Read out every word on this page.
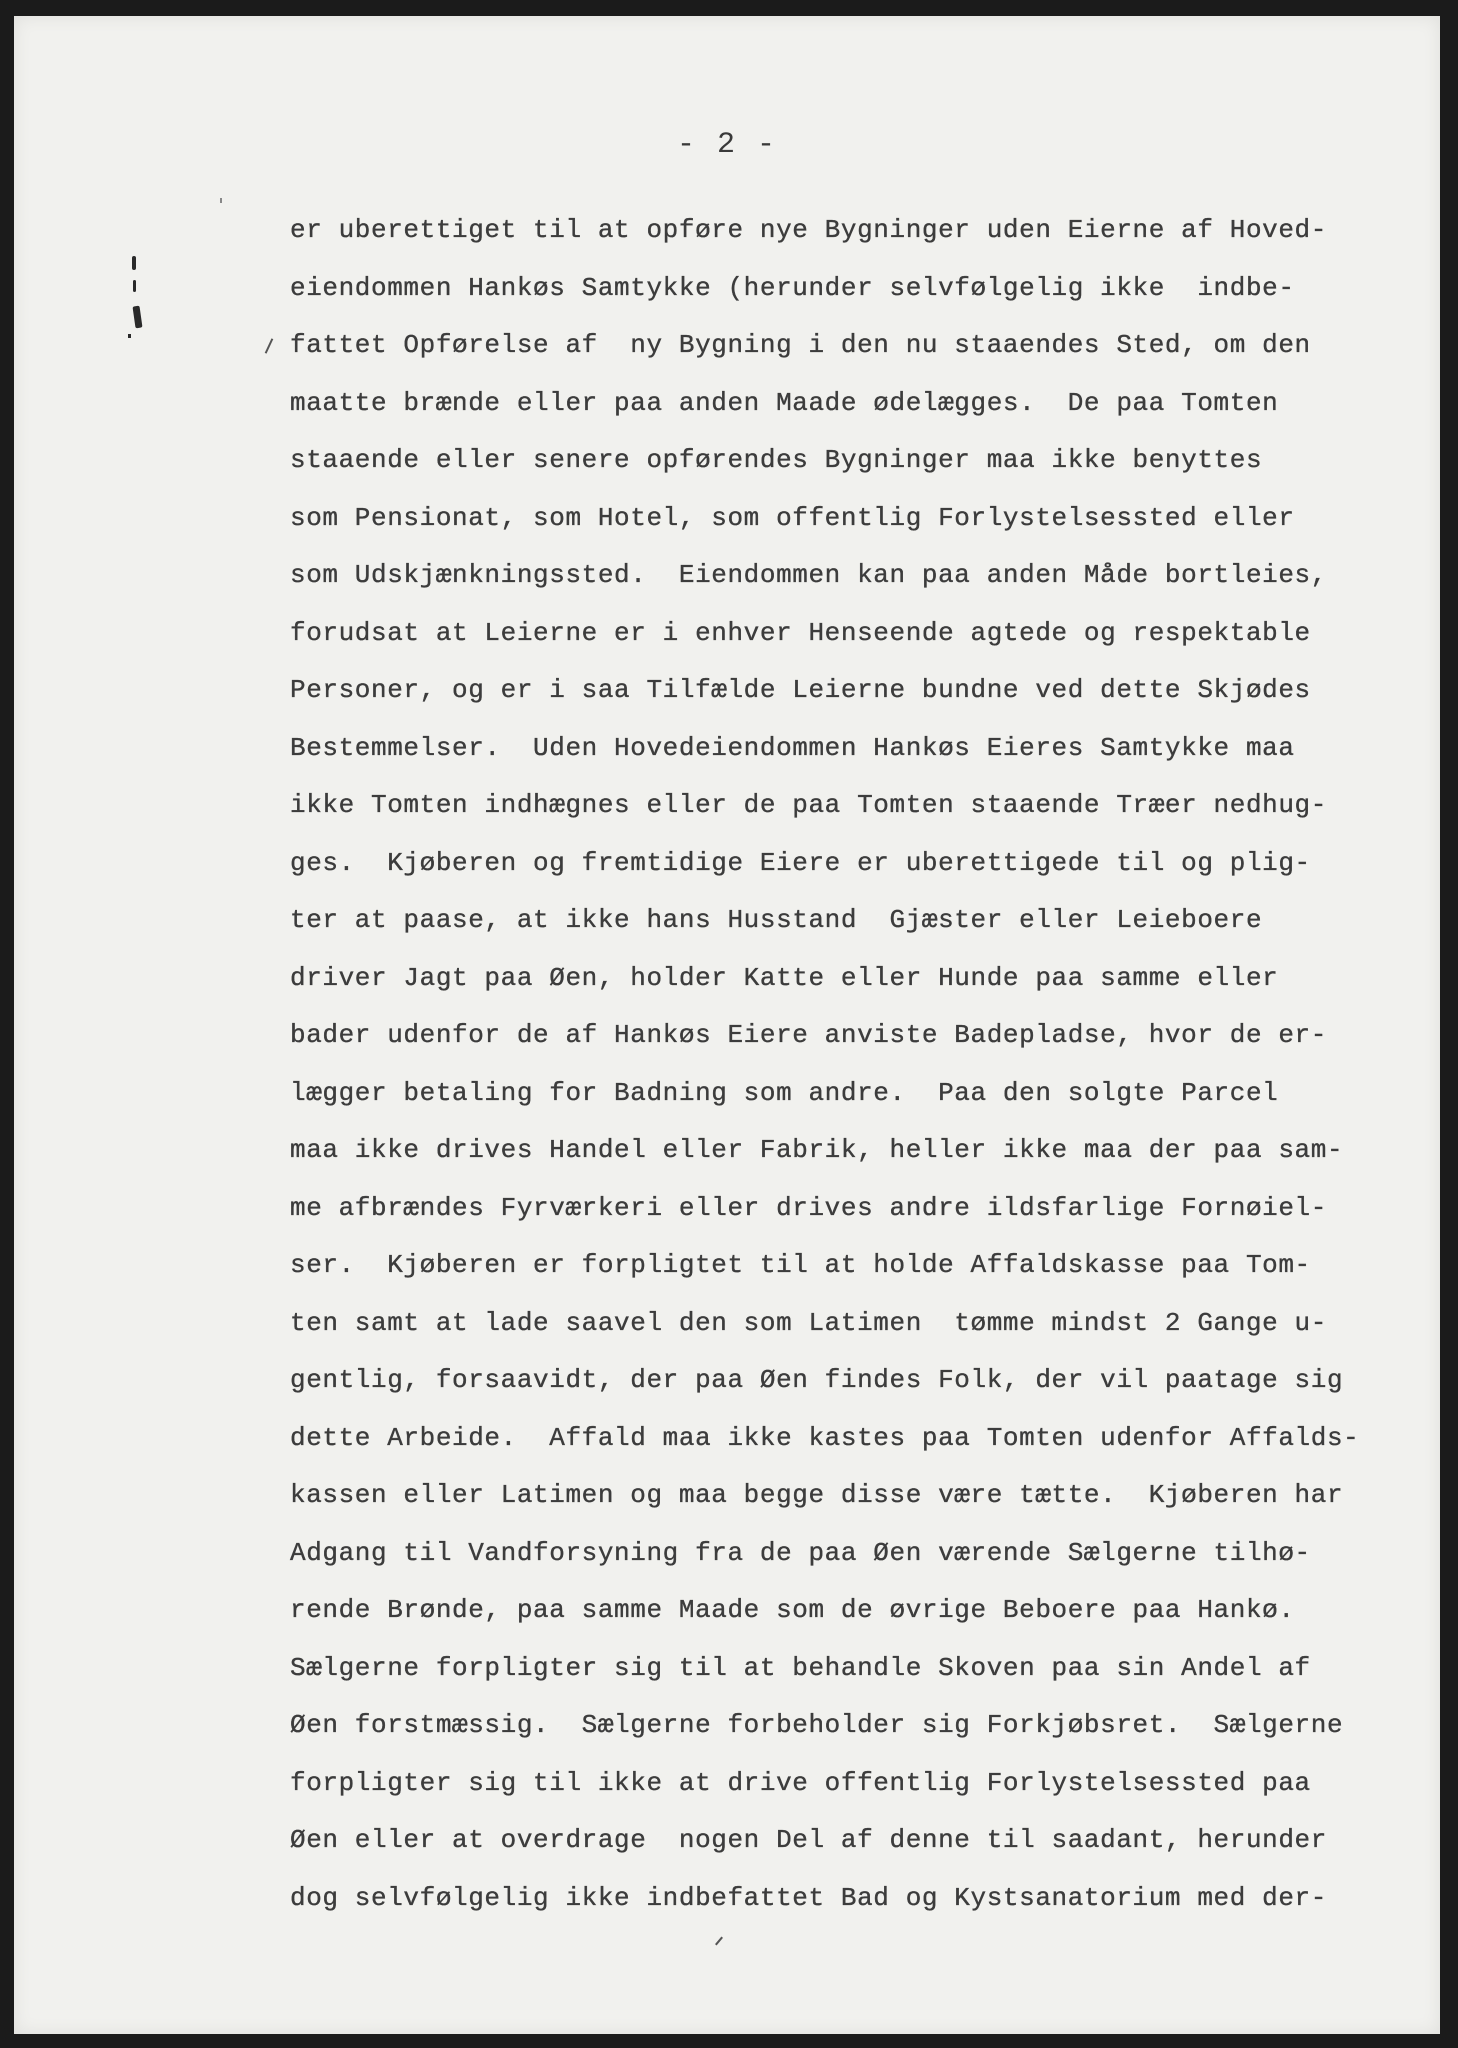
- 2 -
er uberettiget til at opføre nye Bygninger uden Eierne af Hoved-
eiendommen Hankøs Samtykke (herunder selvfølgelig ikke  indbe-
fattet Opførelse af  ny Bygning i den nu staaendes Sted, om den
maatte brænde eller paa anden Maade ødelægges.  De paa Tomten
staaende eller senere opførendes Bygninger maa ikke benyttes
som Pensionat, som Hotel, som offentlig Forlystelsessted eller
som Udskjænkningssted.  Eiendommen kan paa anden Måde bortleies,
forudsat at Leierne er i enhver Henseende agtede og respektable
Personer, og er i saa Tilfælde Leierne bundne ved dette Skjødes
Bestemmelser.  Uden Hovedeiendommen Hankøs Eieres Samtykke maa
ikke Tomten indhægnes eller de paa Tomten staaende Træer nedhug-
ges.  Kjøberen og fremtidige Eiere er uberettigede til og plig-
ter at paase, at ikke hans Husstand  Gjæster eller Leieboere
driver Jagt paa Øen, holder Katte eller Hunde paa samme eller
bader udenfor de af Hankøs Eiere anviste Badepladse, hvor de er-
lægger betaling for Badning som andre.  Paa den solgte Parcel
maa ikke drives Handel eller Fabrik, heller ikke maa der paa sam-
me afbrændes Fyrværkeri eller drives andre ildsfarlige Fornøiel-
ser.  Kjøberen er forpligtet til at holde Affaldskasse paa Tom-
ten samt at lade saavel den som Latimen  tømme mindst 2 Gange u-
gentlig, forsaavidt, der paa Øen findes Folk, der vil paatage sig
dette Arbeide.  Affald maa ikke kastes paa Tomten udenfor Affalds-
kassen eller Latimen og maa begge disse være tætte.  Kjøberen har
Adgang til Vandforsyning fra de paa Øen værende Sælgerne tilhø-
rende Brønde, paa samme Maade som de øvrige Beboere paa Hankø.
Sælgerne forpligter sig til at behandle Skoven paa sin Andel af
Øen forstmæssig.  Sælgerne forbeholder sig Forkjøbsret.  Sælgerne
forpligter sig til ikke at drive offentlig Forlystelsessted paa
Øen eller at overdrage  nogen Del af denne til saadant, herunder
dog selvfølgelig ikke indbefattet Bad og Kystsanatorium med der-
